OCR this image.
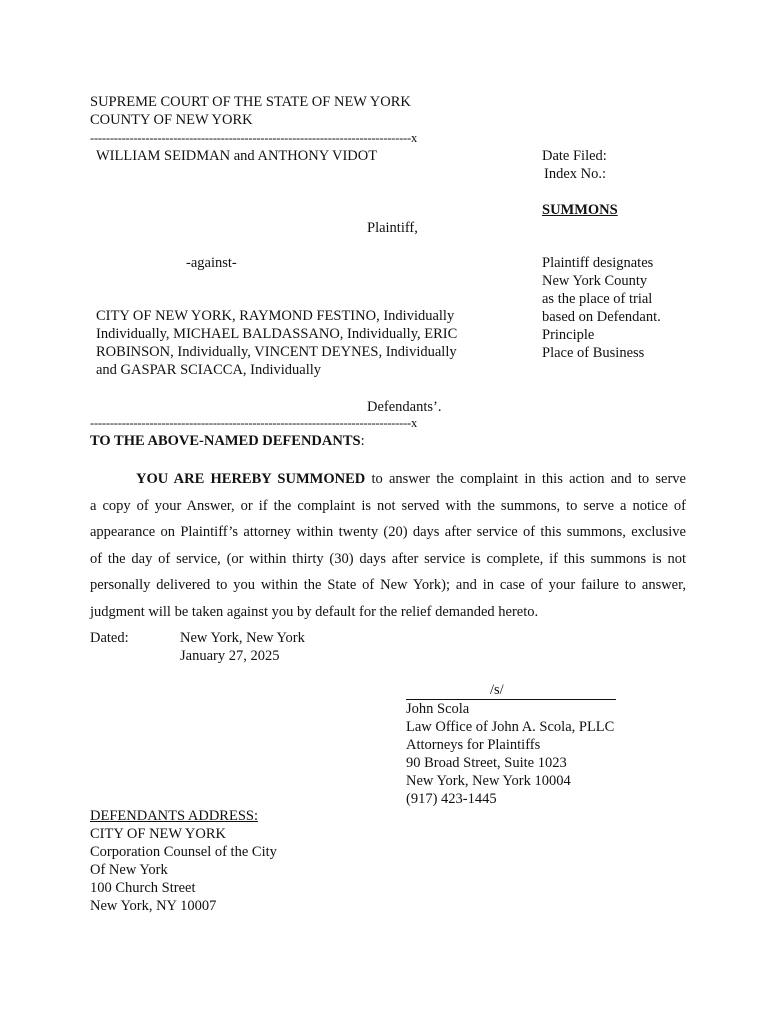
SUPREME COURT OF THE STATE OF NEW YORK
COUNTY OF NEW YORK
---------------------------------------------------------------------------------x
WILLIAM SEIDMAN and ANTHONY VIDOT
Plaintiff,
-against-
CITY OF NEW YORK, RAYMOND FESTINO, Individually
Individually, MICHAEL BALDASSANO, Individually, ERIC
ROBINSON, Individually, VINCENT DEYNES, Individually
and GASPAR SCIACCA, Individually
Defendants’.
Date Filed:
Index No.:
SUMMONS
Plaintiff designates
New York County
as the place of trial
based on Defendant.
Principle
Place of Business
---------------------------------------------------------------------------------x
TO THE ABOVE-NAMED DEFENDANTS:
YOU ARE HEREBY SUMMONED to answer the complaint in this action and to serve
a copy of your Answer, or if the complaint is not served with the summons, to serve a notice of
appearance on Plaintiff’s attorney within twenty (20) days after service of this summons, exclusive
of the day of service, (or within thirty (30) days after service is complete, if this summons is not
personally delivered to you within the State of New York); and in case of your failure to answer,
judgment will be taken against you by default for the relief demanded hereto.
Dated:	New York, New York
January 27, 2025
/s/
John Scola
Law Office of John A. Scola, PLLC
Attorneys for Plaintiffs
90 Broad Street, Suite 1023
New York, New York 10004
(917) 423-1445
DEFENDANTS ADDRESS:
CITY OF NEW YORK
Corporation Counsel of the City
Of New York
100 Church Street
New York, NY 10007
